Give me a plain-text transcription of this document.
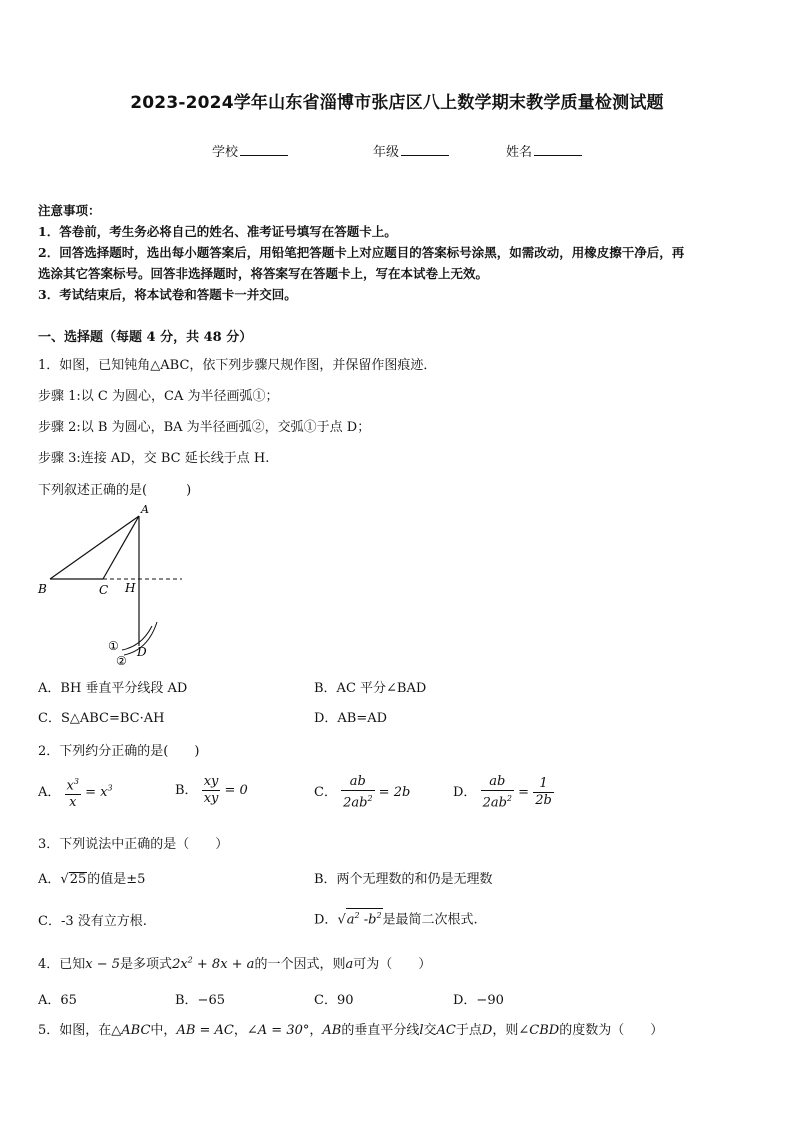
2023-2024学年山东省淄博市张店区八上数学期末教学质量检测试题
学校	年级	姓名
注意事项：
1．答卷前，考生务必将自己的姓名、准考证号填写在答题卡上。
2．回答选择题时，选出每小题答案后，用铅笔把答题卡上对应题目的答案标号涂黑，如需改动，用橡皮擦干净后，再
选涂其它答案标号。回答非选择题时，将答案写在答题卡上，写在本试卷上无效。
3．考试结束后，将本试卷和答题卡一并交回。
一、选择题（每题 4 分，共 48 分）
1．如图，已知钝角△ABC，依下列步骤尺规作图，并保留作图痕迹．
步骤 1:以 C 为圆心，CA 为半径画弧①；
步骤 2:以 B 为圆心，BA 为半径画弧②，交弧①于点 D；
步骤 3:连接 AD，交 BC 延长线于点 H.
下列叙述正确的是(　　　)
A
B	C H
D
①
②
A．BH 垂直平分线段 AD	B．AC 平分∠BAD
C．S△ABC=BC·AH	D．AB=AD
2．下列约分正确的是(　　)
A． $\frac{x^3}{x} = x^3$	B． $\frac{xy}{xy} = 0$	C． $\frac{ab}{2ab^2} = 2b$	D． $\frac{ab}{2ab^2} = \frac{1}{2b}$
3．下列说法中正确的是（　　）
A．√25的值是±5	B．两个无理数的和仍是无理数
C．-3 没有立方根.	D．$√a^2$ $-b^2$是最简二次根式.
4．已知x − 5是多项式$2x^2 + 8x + a$的一个因式，则a可为（　　）
A．65	B．−65	C．90	D．−90
5．如图，在△ABC中，AB = AC，∠A = 30°，AB的垂直平分线l交AC于点D，则∠CBD的度数为（　　）
